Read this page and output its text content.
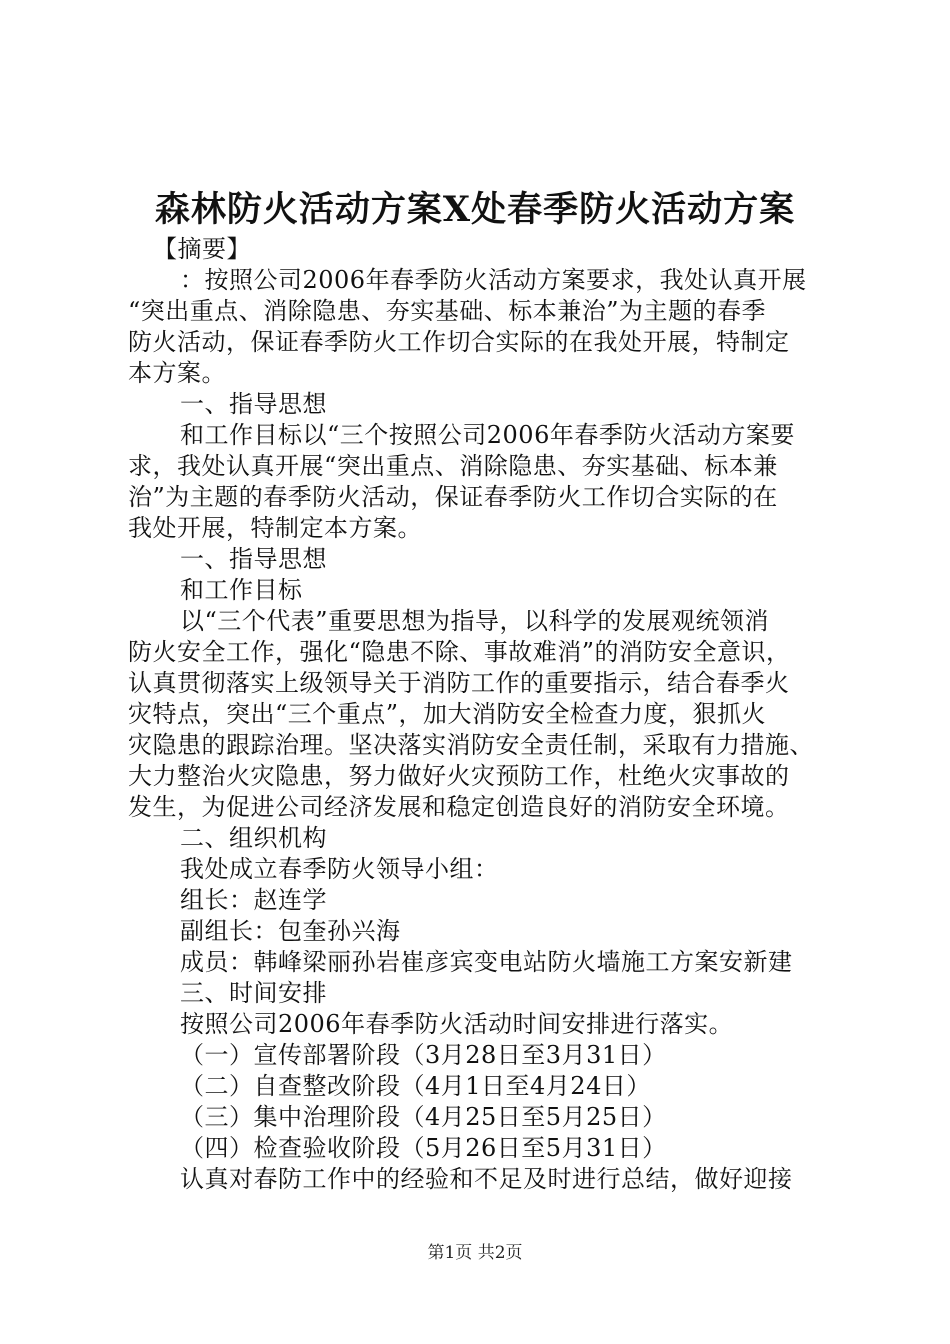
森林防火活动方案X处春季防火活动方案
【摘要】
：按照公司2006年春季防火活动方案要求，我处认真开展
“突出重点、消除隐患、夯实基础、标本兼治”为主题的春季
防火活动，保证春季防火工作切合实际的在我处开展，特制定
本方案。
一、指导思想
和工作目标以“三个按照公司2006年春季防火活动方案要
求，我处认真开展“突出重点、消除隐患、夯实基础、标本兼
治”为主题的春季防火活动，保证春季防火工作切合实际的在
我处开展，特制定本方案。
一、指导思想
和工作目标
以“三个代表”重要思想为指导，以科学的发展观统领消
防火安全工作，强化“隐患不除、事故难消”的消防安全意识，
认真贯彻落实上级领导关于消防工作的重要指示，结合春季火
灾特点，突出“三个重点”，加大消防安全检查力度，狠抓火
灾隐患的跟踪治理。坚决落实消防安全责任制，采取有力措施、
大力整治火灾隐患，努力做好火灾预防工作，杜绝火灾事故的
发生，为促进公司经济发展和稳定创造良好的消防安全环境。
二、组织机构
我处成立春季防火领导小组：
组长：赵连学
副组长：包奎孙兴海
成员：韩峰梁丽孙岩崔彦宾变电站防火墙施工方案安新建
三、时间安排
按照公司2006年春季防火活动时间安排进行落实。
（一）宣传部署阶段（3月28日至3月31日）
（二）自查整改阶段（4月1日至4月24日）
（三）集中治理阶段（4月25日至5月25日）
（四）检查验收阶段（5月26日至5月31日）
认真对春防工作中的经验和不足及时进行总结，做好迎接
第1页 共2页
